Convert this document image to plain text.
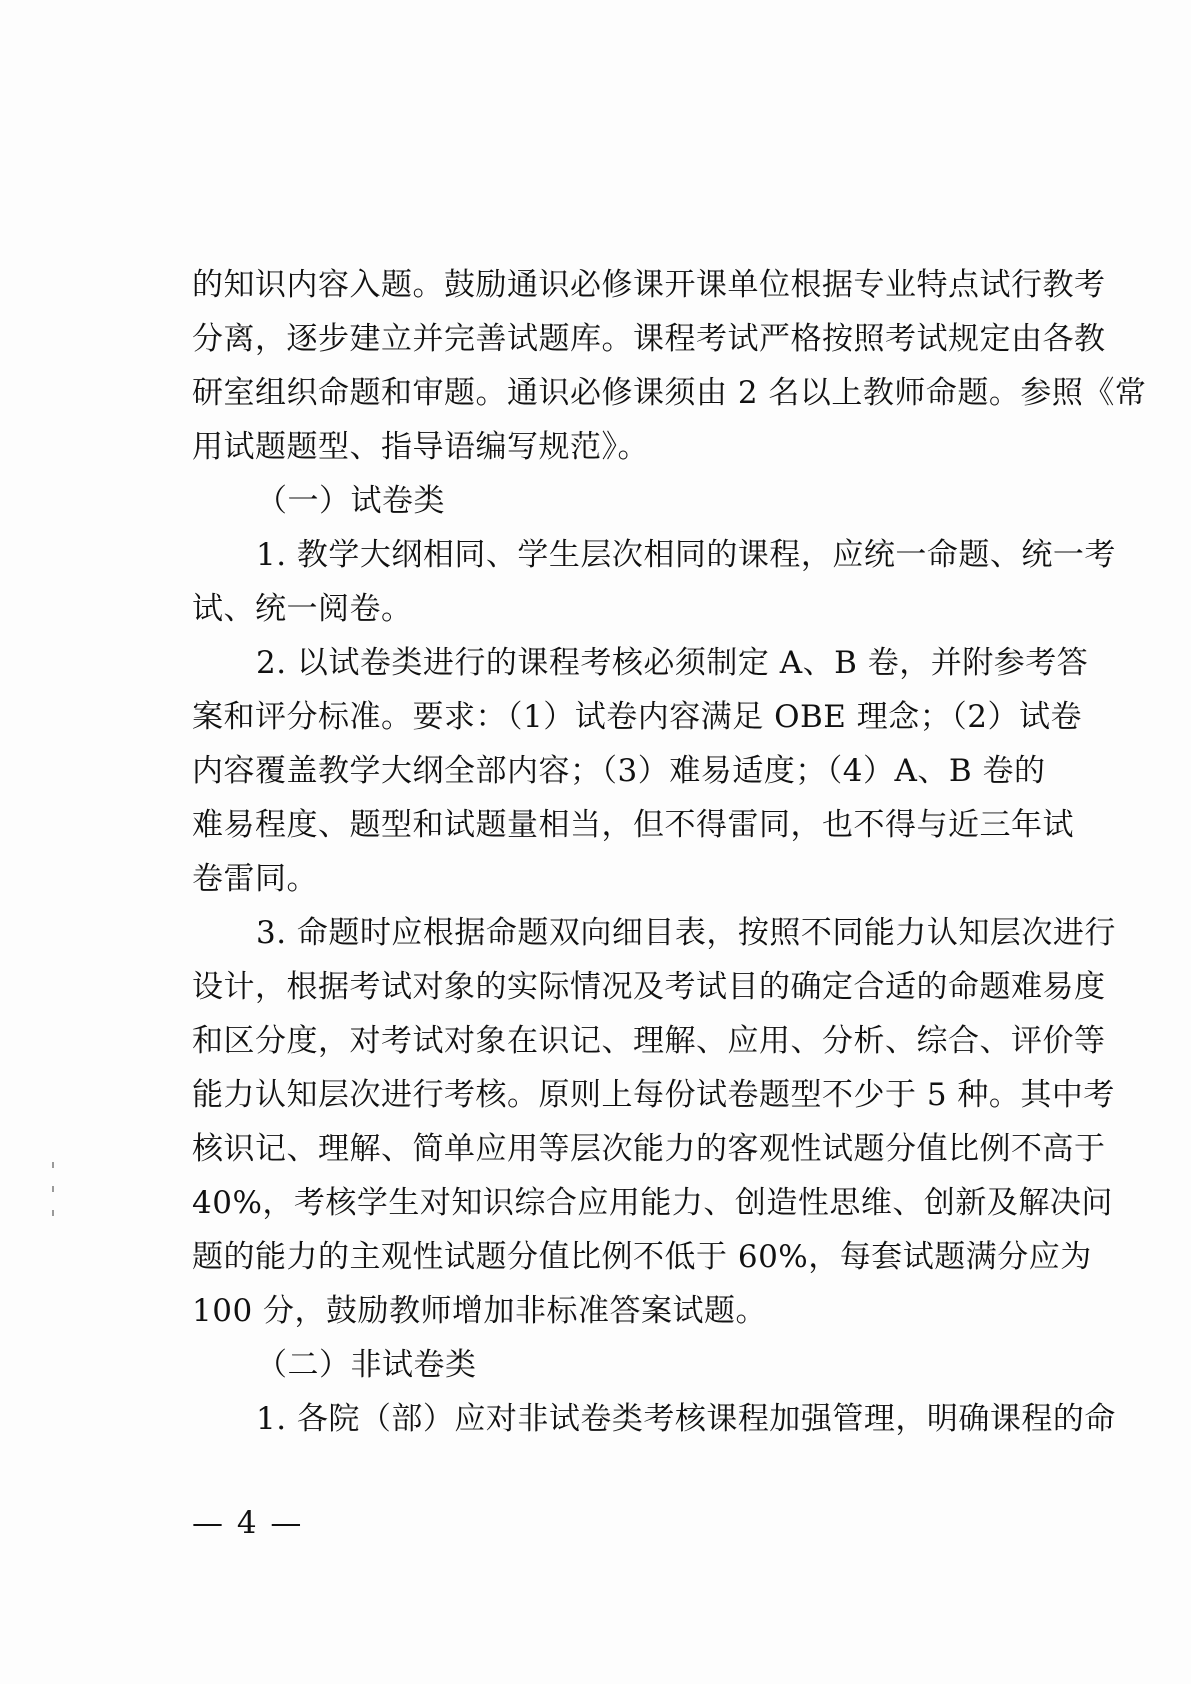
的知识内容入题。鼓励通识必修课开课单位根据专业特点试行教考
分离，逐步建立并完善试题库。课程考试严格按照考试规定由各教
研室组织命题和审题。通识必修课须由 2 名以上教师命题。参照《常
用试题题型、指导语编写规范》。
（一）试卷类
1. 教学大纲相同、学生层次相同的课程，应统一命题、统一考
试、统一阅卷。
2. 以试卷类进行的课程考核必须制定 A、B 卷，并附参考答
案和评分标准。要求：（1）试卷内容满足 OBE 理念；（2）试卷
内容覆盖教学大纲全部内容；（3）难易适度；（4）A、B 卷的
难易程度、题型和试题量相当，但不得雷同，也不得与近三年试
卷雷同。
3. 命题时应根据命题双向细目表，按照不同能力认知层次进行
设计，根据考试对象的实际情况及考试目的确定合适的命题难易度
和区分度，对考试对象在识记、理解、应用、分析、综合、评价等
能力认知层次进行考核。原则上每份试卷题型不少于 5 种。其中考
核识记、理解、简单应用等层次能力的客观性试题分值比例不高于
40%，考核学生对知识综合应用能力、创造性思维、创新及解决问
题的能力的主观性试题分值比例不低于 60%，每套试题满分应为
100 分，鼓励教师增加非标准答案试题。
（二）非试卷类
1. 各院（部）应对非试卷类考核课程加强管理，明确课程的命
— 4 —
